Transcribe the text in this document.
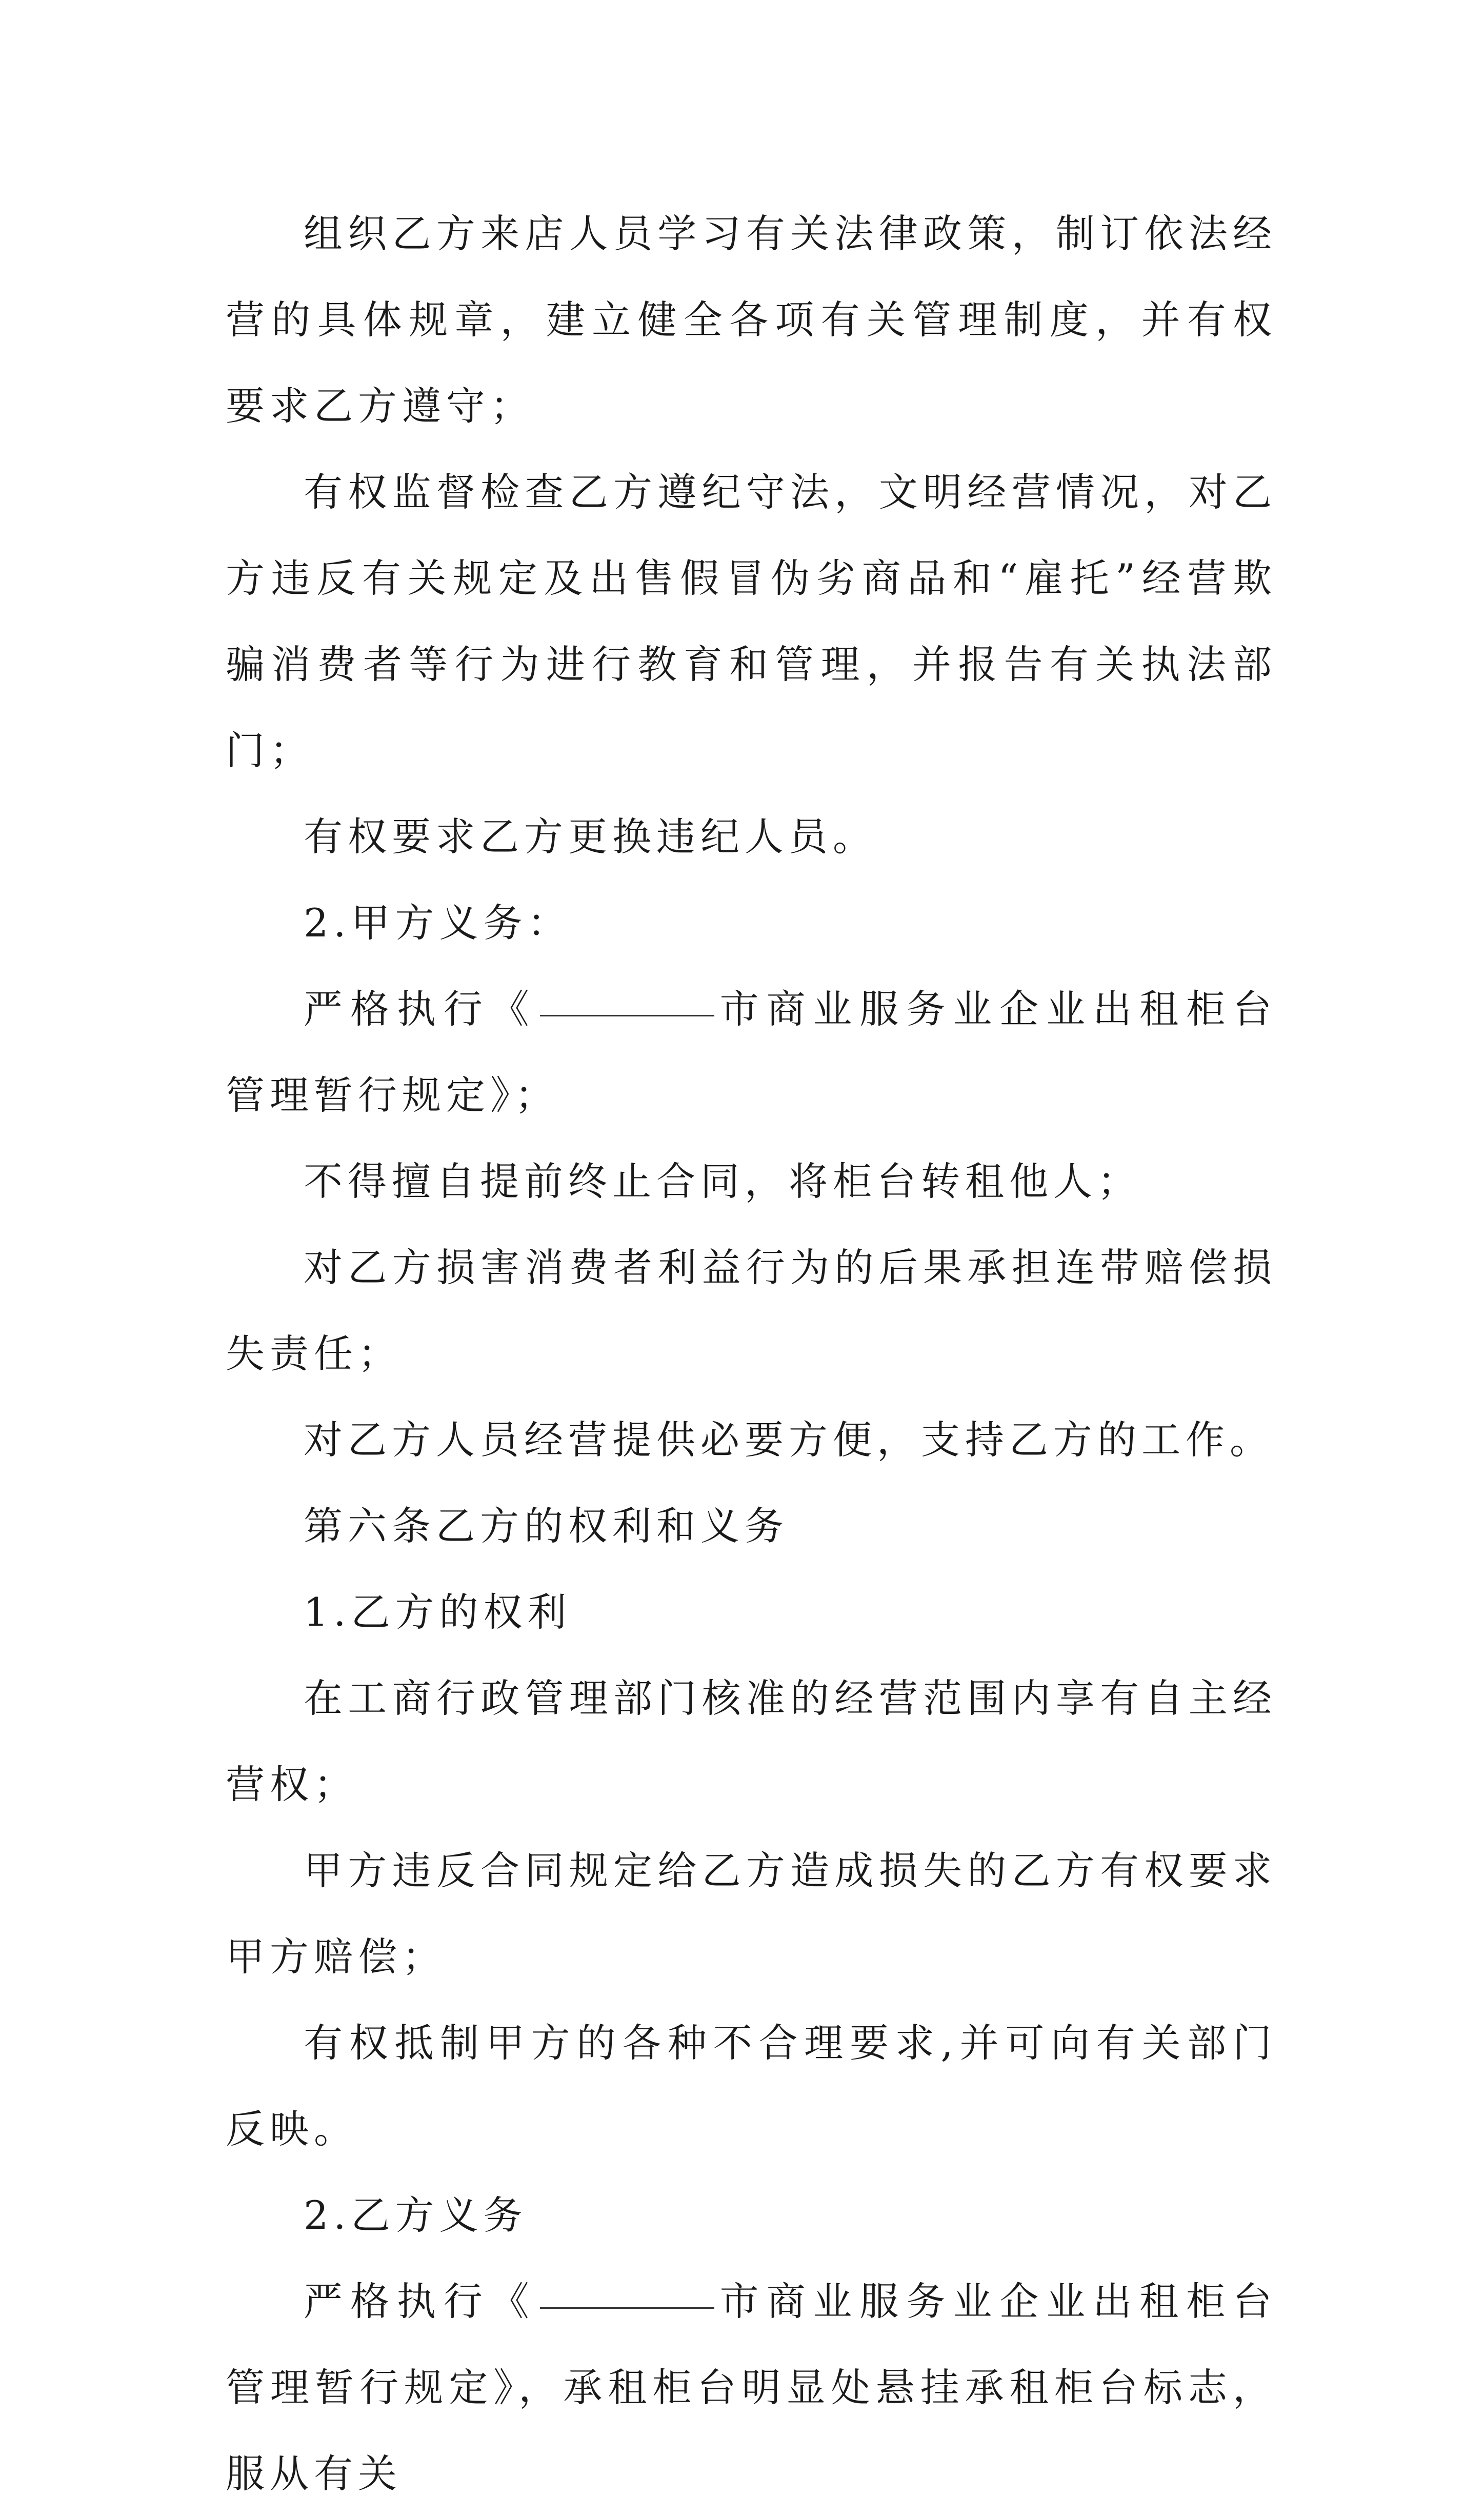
组织乙方来店人员学习有关法律政策，制订依法经营的具体规章，建立健全各项有关管理制度，并有权要求乙方遵守；

有权监督检查乙方遵纪守法，文明经营情况，对乙方违反有关规定及出售假冒伪劣商品和“雇托”经营欺骗消费者等行为进行教育和管理，并报告有关执法部门；

有权要求乙方更换违纪人员。

2.甲方义务：

严格执行《	市商业服务业企业出租柜台管理暂行规定》；

不得擅自提前终止合同，将柜台转租他人；

对乙方损害消费者利益行为的后果承担连带赔偿损失责任；

对乙方人员经营提供必要方便，支持乙方的工作。

第六条乙方的权利和义务

1.乙方的权利

在工商行政管理部门核准的经营范围内享有自主经营权；

甲方违反合同规定给乙方造成损失的乙方有权要求甲方赔偿；

有权抵制甲方的各种不合理要求,并可向有关部门反映。

2.乙方义务

严格执行《	市商业服务业企业出租柜台管理暂行规定》，承租柜台明显处悬挂承租柜台标志，服从有关
